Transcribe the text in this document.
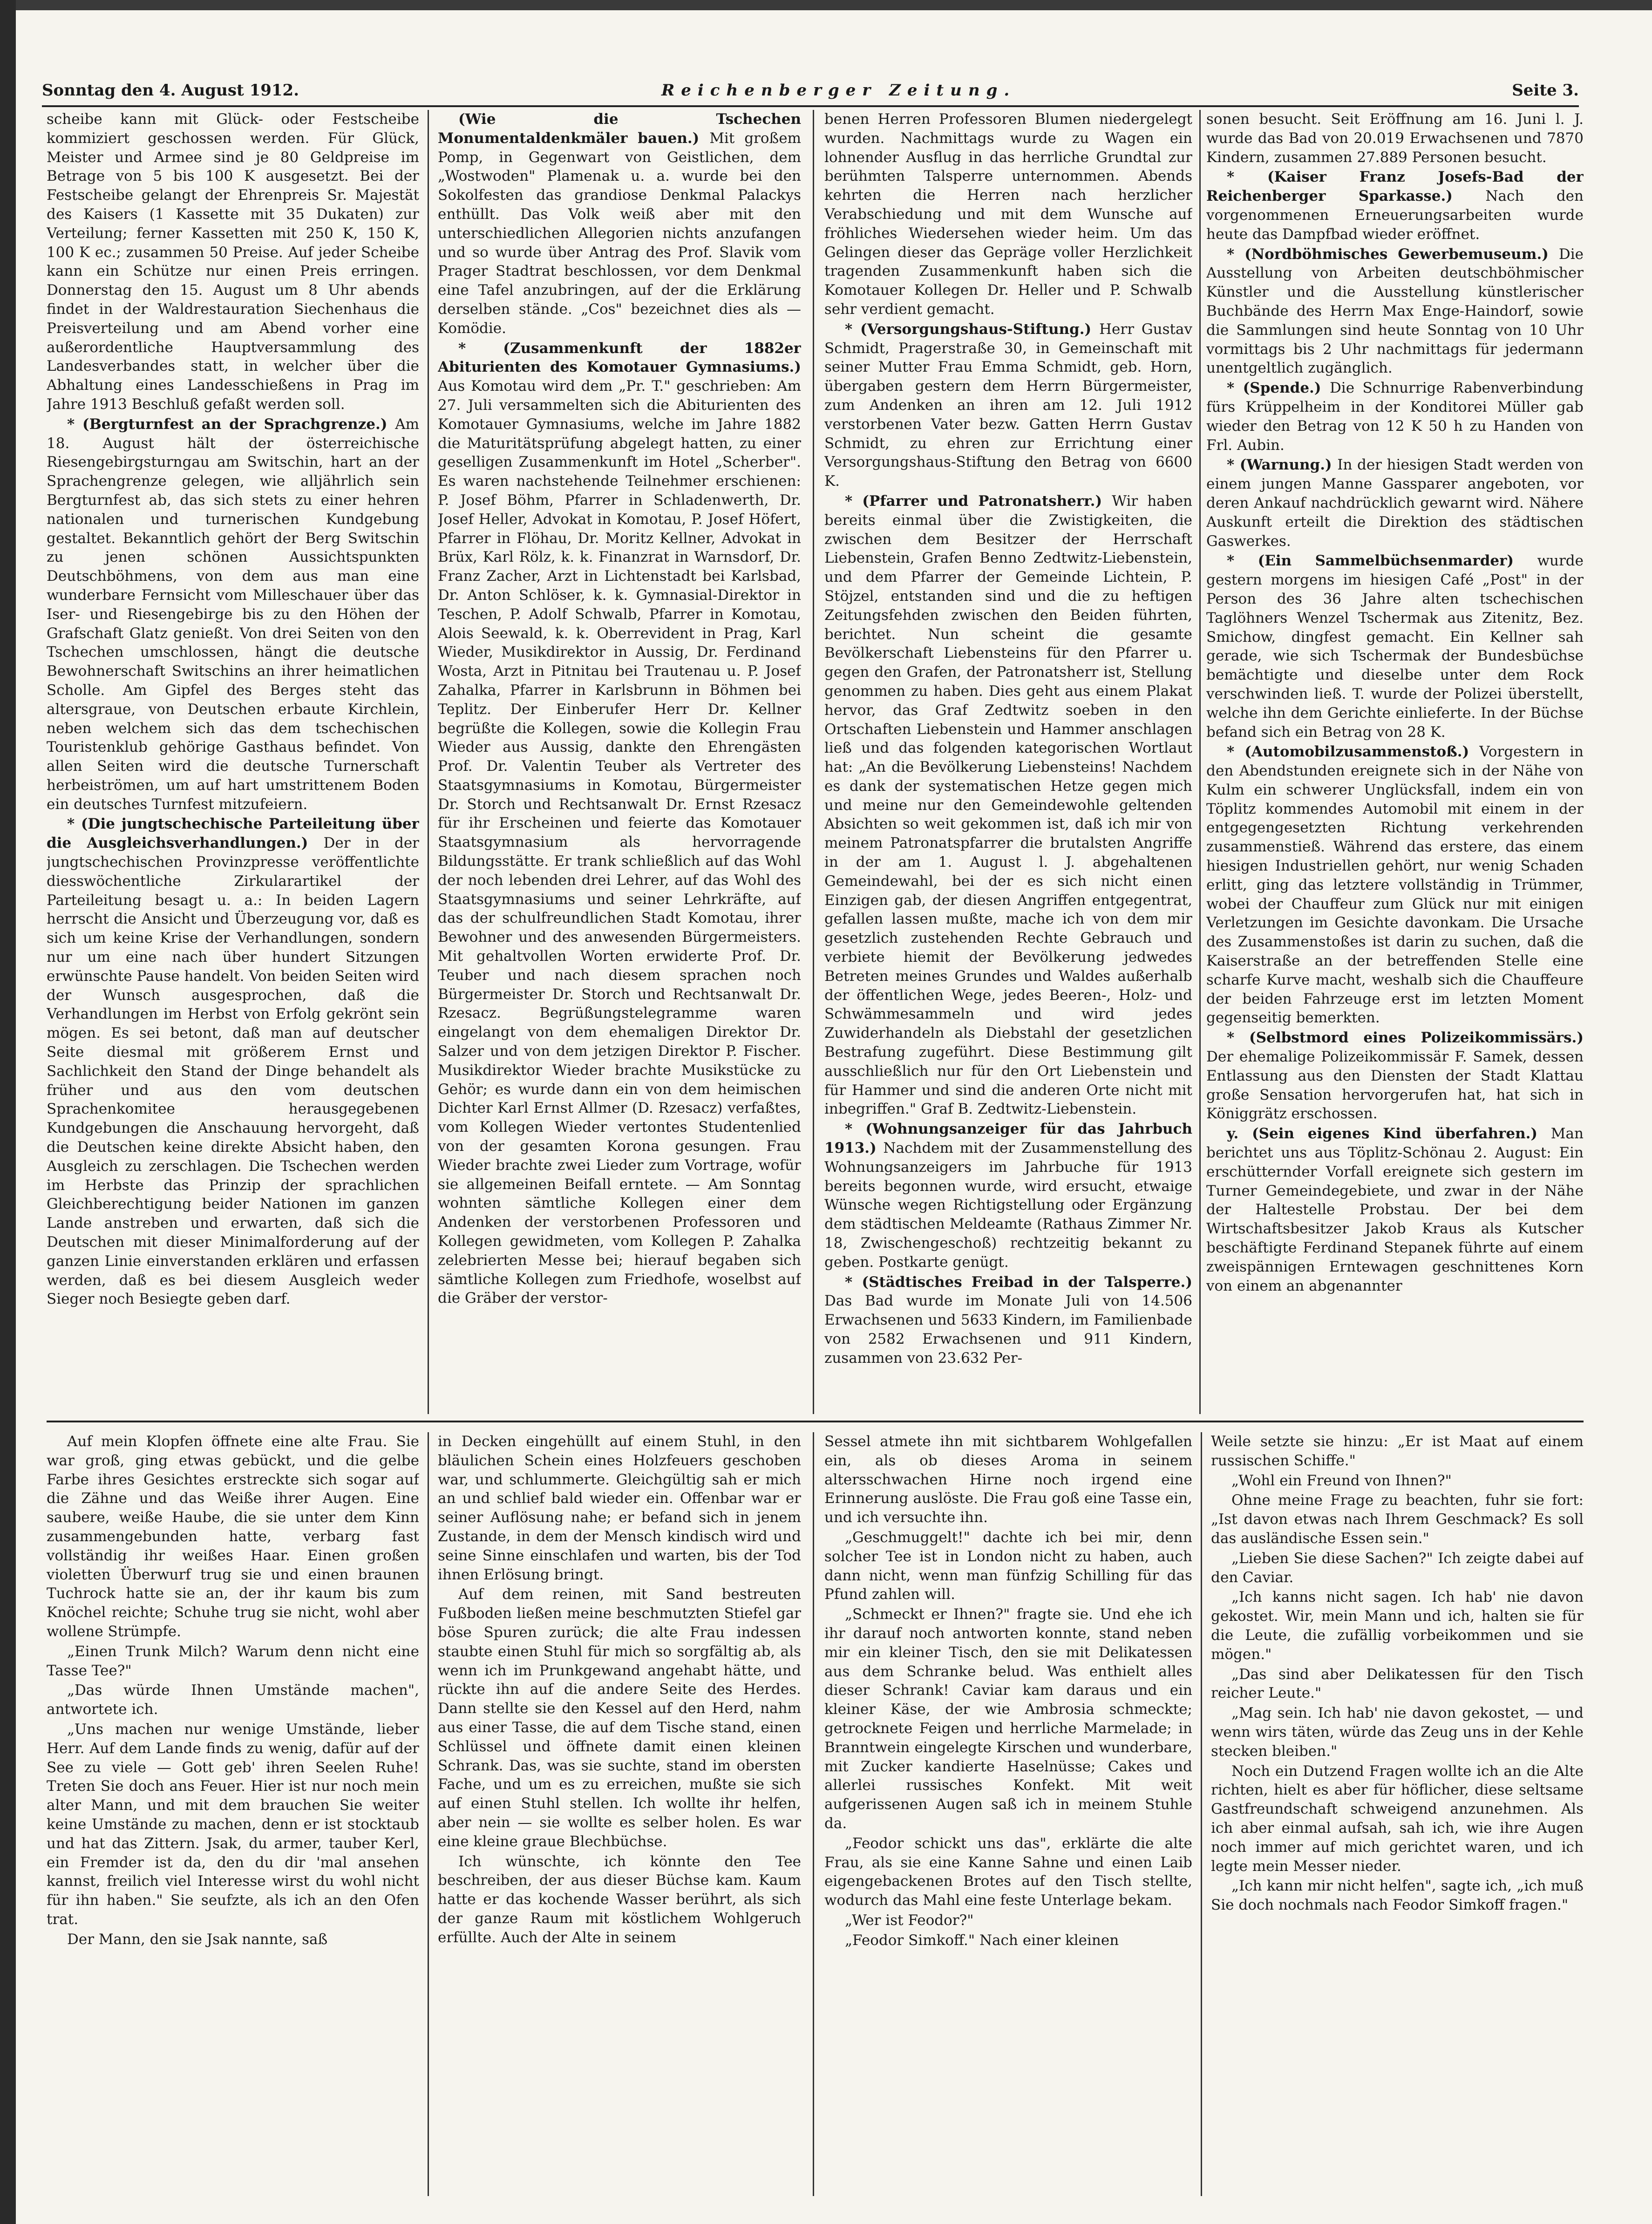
Sonntag den 4. August 1912.	Reichenberger Zeitung.	Seite 3.

scheibe kann mit Glück- oder Festscheibe kommiziert geschossen werden. Für Glück, Meister und Armee sind je 80 Geldpreise im Betrage von 5 bis 100 K ausgesetzt. Bei der Festscheibe gelangt der Ehrenpreis Sr. Majestät des Kaisers (1 Kassette mit 35 Dukaten) zur Verteilung; ferner Kassetten mit 250 K, 150 K, 100 K ec.; zusammen 50 Preise. Auf jeder Scheibe kann ein Schütze nur einen Preis erringen. Donnerstag den 15. August um 8 Uhr abends findet in der Waldrestauration Siechenhaus die Preisverteilung und am Abend vorher eine außerordentliche Hauptversammlung des Landesverbandes statt, in welcher über die Abhaltung eines Landesschießens in Prag im Jahre 1913 Beschluß gefaßt werden soll.

* (Bergturnfest an der Sprachgrenze.) Am 18. August hält der österreichische Riesengebirgsturngau am Switschin, hart an der Sprachengrenze gelegen, wie alljährlich sein Bergturnfest ab, das sich stets zu einer hehren nationalen und turnerischen Kundgebung gestaltet. Bekanntlich gehört der Berg Switschin zu jenen schönen Aussichtspunkten Deutschböhmens, von dem aus man eine wunderbare Fernsicht vom Milleschauer über das Iser- und Riesengebirge bis zu den Höhen der Grafschaft Glatz genießt. Von drei Seiten von den Tschechen umschlossen, hängt die deutsche Bewohnerschaft Switschins an ihrer heimatlichen Scholle. Am Gipfel des Berges steht das altersgraue, von Deutschen erbaute Kirchlein, neben welchem sich das dem tschechischen Touristenklub gehörige Gasthaus befindet. Von allen Seiten wird die deutsche Turnerschaft herbeiströmen, um auf hart umstrittenem Boden ein deutsches Turnfest mitzufeiern.

* (Die jungtschechische Parteileitung über die Ausgleichsverhandlungen.) Der in der jungtschechischen Provinzpresse veröffentlichte diesswöchentliche Zirkularartikel der Parteileitung besagt u. a.: In beiden Lagern herrscht die Ansicht und Überzeugung vor, daß es sich um keine Krise der Verhandlungen, sondern nur um eine nach über hundert Sitzungen erwünschte Pause handelt. Von beiden Seiten wird der Wunsch ausgesprochen, daß die Verhandlungen im Herbst von Erfolg gekrönt sein mögen. Es sei betont, daß man auf deutscher Seite diesmal mit größerem Ernst und Sachlichkeit den Stand der Dinge behandelt als früher und aus den vom deutschen Sprachenkomitee herausgegebenen Kundgebungen die Anschauung hervorgeht, daß die Deutschen keine direkte Absicht haben, den Ausgleich zu zerschlagen. Die Tschechen werden im Herbste das Prinzip der sprachlichen Gleichberechtigung beider Nationen im ganzen Lande anstreben und erwarten, daß sich die Deutschen mit dieser Minimalforderung auf der ganzen Linie einverstanden erklären und erfassen werden, daß es bei diesem Ausgleich weder Sieger noch Besiegte geben darf.

(Wie die Tschechen Monumentaldenkmäler bauen.) Mit großem Pomp, in Gegenwart von Geistlichen, dem „Wostwoden" Plamenak u. a. wurde bei den Sokolfesten das grandiose Denkmal Palackys enthüllt. Das Volk weiß aber mit den unterschiedlichen Allegorien nichts anzufangen und so wurde über Antrag des Prof. Slavik vom Prager Stadtrat beschlossen, vor dem Denkmal eine Tafel anzubringen, auf der die Erklärung derselben stände. „Cos" bezeichnet dies als — Komödie.

* (Zusammenkunft der 1882er Abiturienten des Komotauer Gymnasiums.) Aus Komotau wird dem „Pr. T." geschrieben: Am 27. Juli versammelten sich die Abiturienten des Komotauer Gymnasiums, welche im Jahre 1882 die Maturitätsprüfung abgelegt hatten, zu einer geselligen Zusammenkunft im Hotel „Scherber". Es waren nachstehende Teilnehmer erschienen: P. Josef Böhm, Pfarrer in Schladenwerth, Dr. Josef Heller, Advokat in Komotau, P. Josef Höfert, Pfarrer in Flöhau, Dr. Moritz Kellner, Advokat in Brüx, Karl Rölz, k. k. Finanzrat in Warnsdorf, Dr. Franz Zacher, Arzt in Lichtenstadt bei Karlsbad, Dr. Anton Schlöser, k. k. Gymnasial-Direktor in Teschen, P. Adolf Schwalb, Pfarrer in Komotau, Alois Seewald, k. k. Oberrevident in Prag, Karl Wieder, Musikdirektor in Aussig, Dr. Ferdinand Wosta, Arzt in Pitnitau bei Trautenau u. P. Josef Zahalka, Pfarrer in Karlsbrunn in Böhmen bei Teplitz. Der Einberufer Herr Dr. Kellner begrüßte die Kollegen, sowie die Kollegin Frau Wieder aus Aussig, dankte den Ehrengästen Prof. Dr. Valentin Teuber als Vertreter des Staatsgymnasiums in Komotau, Bürgermeister Dr. Storch und Rechtsanwalt Dr. Ernst Rzesacz für ihr Erscheinen und feierte das Komotauer Staatsgymnasium als hervorragende Bildungsstätte. Er trank schließlich auf das Wohl der noch lebenden drei Lehrer, auf das Wohl des Staatsgymnasiums und seiner Lehrkräfte, auf das der schulfreundlichen Stadt Komotau, ihrer Bewohner und des anwesenden Bürgermeisters. Mit gehaltvollen Worten erwiderte Prof. Dr. Teuber und nach diesem sprachen noch Bürgermeister Dr. Storch und Rechtsanwalt Dr. Rzesacz. Begrüßungstelegramme waren eingelangt von dem ehemaligen Direktor Dr. Salzer und von dem jetzigen Direktor P. Fischer. Musikdirektor Wieder brachte Musikstücke zu Gehör; es wurde dann ein von dem heimischen Dichter Karl Ernst Allmer (D. Rzesacz) verfaßtes, vom Kollegen Wieder vertontes Studentenlied von der gesamten Korona gesungen. Frau Wieder brachte zwei Lieder zum Vortrage, wofür sie allgemeinen Beifall erntete. — Am Sonntag wohnten sämtliche Kollegen einer dem Andenken der verstorbenen Professoren und Kollegen gewidmeten, vom Kollegen P. Zahalka zelebrierten Messe bei; hierauf begaben sich sämtliche Kollegen zum Friedhofe, woselbst auf die Gräber der verstor-

benen Herren Professoren Blumen niedergelegt wurden. Nachmittags wurde zu Wagen ein lohnender Ausflug in das herrliche Grundtal zur berühmten Talsperre unternommen. Abends kehrten die Herren nach herzlicher Verabschiedung und mit dem Wunsche auf fröhliches Wiedersehen wieder heim. Um das Gelingen dieser das Gepräge voller Herzlichkeit tragenden Zusammenkunft haben sich die Komotauer Kollegen Dr. Heller und P. Schwalb sehr verdient gemacht.

* (Versorgungshaus-Stiftung.) Herr Gustav Schmidt, Pragerstraße 30, in Gemeinschaft mit seiner Mutter Frau Emma Schmidt, geb. Horn, übergaben gestern dem Herrn Bürgermeister, zum Andenken an ihren am 12. Juli 1912 verstorbenen Vater bezw. Gatten Herrn Gustav Schmidt, zu ehren zur Errichtung einer Versorgungshaus-Stiftung den Betrag von 6600 K.

* (Pfarrer und Patronatsherr.) Wir haben bereits einmal über die Zwistigkeiten, die zwischen dem Besitzer der Herrschaft Liebenstein, Grafen Benno Zedtwitz-Liebenstein, und dem Pfarrer der Gemeinde Lichtein, P. Stöjzel, entstanden sind und die zu heftigen Zeitungsfehden zwischen den Beiden führten, berichtet. Nun scheint die gesamte Bevölkerschaft Liebensteins für den Pfarrer u. gegen den Grafen, der Patronatsherr ist, Stellung genommen zu haben. Dies geht aus einem Plakat hervor, das Graf Zedtwitz soeben in den Ortschaften Liebenstein und Hammer anschlagen ließ und das folgenden kategorischen Wortlaut hat: „An die Bevölkerung Liebensteins! Nachdem es dank der systematischen Hetze gegen mich und meine nur den Gemeindewohle geltenden Absichten so weit gekommen ist, daß ich mir von meinem Patronatspfarrer die brutalsten Angriffe in der am 1. August l. J. abgehaltenen Gemeindewahl, bei der es sich nicht einen Einzigen gab, der diesen Angriffen entgegentrat, gefallen lassen mußte, mache ich von dem mir gesetzlich zustehenden Rechte Gebrauch und verbiete hiemit der Bevölkerung jedwedes Betreten meines Grundes und Waldes außerhalb der öffentlichen Wege, jedes Beeren-, Holz- und Schwämmesammeln und wird jedes Zuwiderhandeln als Diebstahl der gesetzlichen Bestrafung zugeführt. Diese Bestimmung gilt ausschließlich nur für den Ort Liebenstein und für Hammer und sind die anderen Orte nicht mit inbegriffen." Graf B. Zedtwitz-Liebenstein.

* (Wohnungsanzeiger für das Jahrbuch 1913.) Nachdem mit der Zusammenstellung des Wohnungsanzeigers im Jahrbuche für 1913 bereits begonnen wurde, wird ersucht, etwaige Wünsche wegen Richtigstellung oder Ergänzung dem städtischen Meldeamte (Rathaus Zimmer Nr. 18, Zwischengeschoß) rechtzeitig bekannt zu geben. Postkarte genügt.

* (Städtisches Freibad in der Talsperre.) Das Bad wurde im Monate Juli von 14.506 Erwachsenen und 5633 Kindern, im Familienbade von 2582 Erwachsenen und 911 Kindern, zusammen von 23.632 Per-

sonen besucht. Seit Eröffnung am 16. Juni l. J. wurde das Bad von 20.019 Erwachsenen und 7870 Kindern, zusammen 27.889 Personen besucht.

* (Kaiser Franz Josefs-Bad der Reichenberger Sparkasse.) Nach den vorgenommenen Erneuerungsarbeiten wurde heute das Dampfbad wieder eröffnet.

* (Nordböhmisches Gewerbemuseum.) Die Ausstellung von Arbeiten deutschböhmischer Künstler und die Ausstellung künstlerischer Buchbände des Herrn Max Enge-Haindorf, sowie die Sammlungen sind heute Sonntag von 10 Uhr vormittags bis 2 Uhr nachmittags für jedermann unentgeltlich zugänglich.

* (Spende.) Die Schnurrige Rabenverbindung fürs Krüppelheim in der Konditorei Müller gab wieder den Betrag von 12 K 50 h zu Handen von Frl. Aubin.

* (Warnung.) In der hiesigen Stadt werden von einem jungen Manne Gassparer angeboten, vor deren Ankauf nachdrücklich gewarnt wird. Nähere Auskunft erteilt die Direktion des städtischen Gaswerkes.

* (Ein Sammelbüchsenmarder) wurde gestern morgens im hiesigen Café „Post" in der Person des 36 Jahre alten tschechischen Taglöhners Wenzel Tschermak aus Zitenitz, Bez. Smichow, dingfest gemacht. Ein Kellner sah gerade, wie sich Tschermak der Bundesbüchse bemächtigte und dieselbe unter dem Rock verschwinden ließ. T. wurde der Polizei überstellt, welche ihn dem Gerichte einlieferte. In der Büchse befand sich ein Betrag von 28 K.

* (Automobilzusammenstoß.) Vorgestern in den Abendstunden ereignete sich in der Nähe von Kulm ein schwerer Unglücksfall, indem ein von Töplitz kommendes Automobil mit einem in der entgegengesetzten Richtung verkehrenden zusammenstieß. Während das erstere, das einem hiesigen Industriellen gehört, nur wenig Schaden erlitt, ging das letztere vollständig in Trümmer, wobei der Chauffeur zum Glück nur mit einigen Verletzungen im Gesichte davonkam. Die Ursache des Zusammenstoßes ist darin zu suchen, daß die Kaiserstraße an der betreffenden Stelle eine scharfe Kurve macht, weshalb sich die Chauffeure der beiden Fahrzeuge erst im letzten Moment gegenseitig bemerkten.

* (Selbstmord eines Polizeikommissärs.) Der ehemalige Polizeikommissär F. Samek, dessen Entlassung aus den Diensten der Stadt Klattau große Sensation hervorgerufen hat, hat sich in Königgrätz erschossen.

y. (Sein eigenes Kind überfahren.) Man berichtet uns aus Töplitz-Schönau 2. August: Ein erschütternder Vorfall ereignete sich gestern im Turner Gemeindegebiete, und zwar in der Nähe der Haltestelle Probstau. Der bei dem Wirtschaftsbesitzer Jakob Kraus als Kutscher beschäftigte Ferdinand Stepanek führte auf einem zweispännigen Erntewagen geschnittenes Korn von einem an abgenannter

Auf mein Klopfen öffnete eine alte Frau. Sie war groß, ging etwas gebückt, und die gelbe Farbe ihres Gesichtes erstreckte sich sogar auf die Zähne und das Weiße ihrer Augen. Eine saubere, weiße Haube, die sie unter dem Kinn zusammengebunden hatte, verbarg fast vollständig ihr weißes Haar. Einen großen violetten Überwurf trug sie und einen braunen Tuchrock hatte sie an, der ihr kaum bis zum Knöchel reichte; Schuhe trug sie nicht, wohl aber wollene Strümpfe.

„Einen Trunk Milch? Warum denn nicht eine Tasse Tee?"

„Das würde Ihnen Umstände machen", antwortete ich.

„Uns machen nur wenige Umstände, lieber Herr. Auf dem Lande finds zu wenig, dafür auf der See zu viele — Gott geb' ihren Seelen Ruhe! Treten Sie doch ans Feuer. Hier ist nur noch mein alter Mann, und mit dem brauchen Sie weiter keine Umstände zu machen, denn er ist stocktaub und hat das Zittern. Jsak, du armer, tauber Kerl, ein Fremder ist da, den du dir 'mal ansehen kannst, freilich viel Interesse wirst du wohl nicht für ihn haben." Sie seufzte, als ich an den Ofen trat.

Der Mann, den sie Jsak nannte, saß

in Decken eingehüllt auf einem Stuhl, in den bläulichen Schein eines Holzfeuers geschoben war, und schlummerte. Gleichgültig sah er mich an und schlief bald wieder ein. Offenbar war er seiner Auflösung nahe; er befand sich in jenem Zustande, in dem der Mensch kindisch wird und seine Sinne einschlafen und warten, bis der Tod ihnen Erlösung bringt.

Auf dem reinen, mit Sand bestreuten Fußboden ließen meine beschmutzten Stiefel gar böse Spuren zurück; die alte Frau indessen staubte einen Stuhl für mich so sorgfältig ab, als wenn ich im Prunkgewand angehabt hätte, und rückte ihn auf die andere Seite des Herdes. Dann stellte sie den Kessel auf den Herd, nahm aus einer Tasse, die auf dem Tische stand, einen Schlüssel und öffnete damit einen kleinen Schrank. Das, was sie suchte, stand im obersten Fache, und um es zu erreichen, mußte sie sich auf einen Stuhl stellen. Ich wollte ihr helfen, aber nein — sie wollte es selber holen. Es war eine kleine graue Blechbüchse.

Ich wünschte, ich könnte den Tee beschreiben, der aus dieser Büchse kam. Kaum hatte er das kochende Wasser berührt, als sich der ganze Raum mit köstlichem Wohlgeruch erfüllte. Auch der Alte in seinem

Sessel atmete ihn mit sichtbarem Wohlgefallen ein, als ob dieses Aroma in seinem altersschwachen Hirne noch irgend eine Erinnerung auslöste. Die Frau goß eine Tasse ein, und ich versuchte ihn.

„Geschmuggelt!" dachte ich bei mir, denn solcher Tee ist in London nicht zu haben, auch dann nicht, wenn man fünfzig Schilling für das Pfund zahlen will.

„Schmeckt er Ihnen?" fragte sie. Und ehe ich ihr darauf noch antworten konnte, stand neben mir ein kleiner Tisch, den sie mit Delikatessen aus dem Schranke belud. Was enthielt alles dieser Schrank! Caviar kam daraus und ein kleiner Käse, der wie Ambrosia schmeckte; getrocknete Feigen und herrliche Marmelade; in Branntwein eingelegte Kirschen und wunderbare, mit Zucker kandierte Haselnüsse; Cakes und allerlei russisches Konfekt. Mit weit aufgerissenen Augen saß ich in meinem Stuhle da.

„Feodor schickt uns das", erklärte die alte Frau, als sie eine Kanne Sahne und einen Laib eigengebackenen Brotes auf den Tisch stellte, wodurch das Mahl eine feste Unterlage bekam.

„Wer ist Feodor?"

„Feodor Simkoff." Nach einer kleinen

Weile setzte sie hinzu: „Er ist Maat auf einem russischen Schiffe."

„Wohl ein Freund von Ihnen?"

Ohne meine Frage zu beachten, fuhr sie fort: „Ist davon etwas nach Ihrem Geschmack? Es soll das ausländische Essen sein."

„Lieben Sie diese Sachen?" Ich zeigte dabei auf den Caviar.

„Ich kanns nicht sagen. Ich hab' nie davon gekostet. Wir, mein Mann und ich, halten sie für die Leute, die zufällig vorbeikommen und sie mögen."

„Das sind aber Delikatessen für den Tisch reicher Leute."

„Mag sein. Ich hab' nie davon gekostet, — und wenn wirs täten, würde das Zeug uns in der Kehle stecken bleiben."

Noch ein Dutzend Fragen wollte ich an die Alte richten, hielt es aber für höflicher, diese seltsame Gastfreundschaft schweigend anzunehmen. Als ich aber einmal aufsah, sah ich, wie ihre Augen noch immer auf mich gerichtet waren, und ich legte mein Messer nieder.

„Ich kann mir nicht helfen", sagte ich, „ich muß Sie doch nochmals nach Feodor Simkoff fragen."
